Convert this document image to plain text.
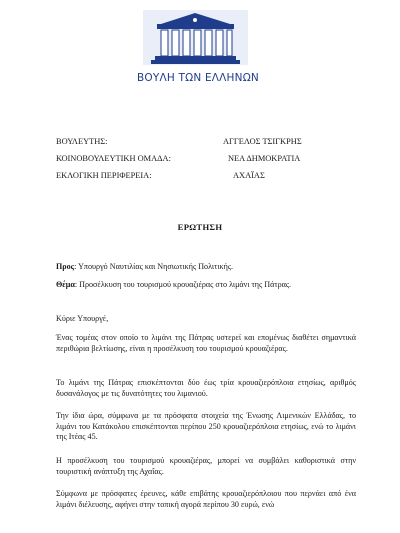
ΒΟΥΛΗ ΤΩΝ ΕΛΛΗΝΩΝ
ΒΟΥΛΕΥΤΗΣ:	ΑΓΓΕΛΟΣ ΤΣΙΓΚΡΗΣ
ΚΟΙΝΟΒΟΥΛΕΥΤΙΚΗ ΟΜΑΔΑ:	ΝΕΑ ΔΗΜΟΚΡΑΤΙΑ
ΕΚΛΟΓΙΚΗ ΠΕΡΙΦΕΡΕΙΑ:	ΑΧΑΪΑΣ
ΕΡΩΤΗΣΗ
Προς: Υπουργό Ναυτιλίας και Νησιωτικής Πολιτικής.
Θέμα: Προσέλκυση του τουρισμού κρουαζιέρας στο λιμάνι της Πάτρας.
Κύριε Υπουργέ,
Ένας τομέας στον οποίο το λιμάνι της Πάτρας υστερεί και επομένως διαθέτει σημαντικά περιθώρια βελτίωσης, είναι η προσέλκυση του τουρισμού κρουαζιέρας.
Το λιμάνι της Πάτρας επισκέπτονται δύο έως τρία κρουαζιερόπλοια ετησίως, αριθμός δυσανάλογος με τις δυνατότητες του λιμανιού.
Την ίδια ώρα, σύμφωνα με τα πρόσφατα στοιχεία της Ένωσης Λιμενικών Ελλάδας, το λιμάνι του Κατάκολου επισκέπτονται περίπου 250 κρουαζιερόπλοια ετησίως, ενώ το λιμάνι της Ιτέας 45.
Η προσέλκυση του τουρισμού κρουαζιέρας, μπορεί να συμβάλει καθοριστικά στην τουριστική ανάπτυξη της Αχαΐας.
Σύμφωνα με πρόσφατες έρευνες, κάθε επιβάτης κρουαζιερόπλοιου που περνάει από ένα λιμάνι διέλευσης, αφήνει στην τοπική αγορά περίπου 30 ευρώ, ενώ
